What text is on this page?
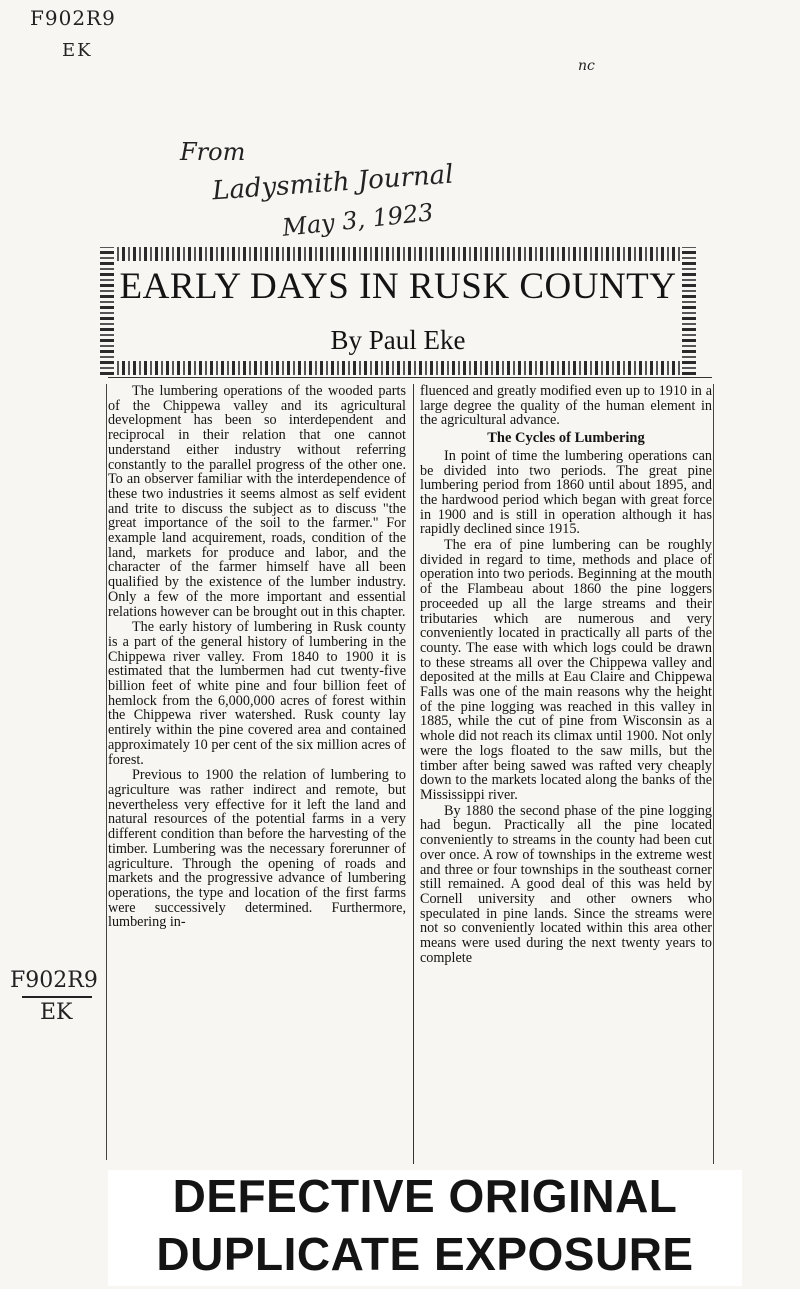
F902R9
EK
nc
From
Ladysmith Journal
May 3, 1923
F902R9
EK
EARLY DAYS IN RUSK COUNTY
By Paul Eke

The lumbering operations of the wooded parts of the Chippewa valley and its agricultural development has been so interdependent and reciprocal in their relation that one cannot understand either industry without referring constantly to the parallel progress of the other one. To an observer familiar with the interdependence of these two industries it seems almost as self evident and trite to discuss the subject as to discuss "the great importance of the soil to the farmer." For example land acquirement, roads, condition of the land, markets for produce and labor, and the character of the farmer himself have all been qualified by the existence of the lumber industry. Only a few of the more important and essential relations however can be brought out in this chapter.

The early history of lumbering in Rusk county is a part of the general history of lumbering in the Chippewa river valley. From 1840 to 1900 it is estimated that the lumbermen had cut twenty-five billion feet of white pine and four billion feet of hemlock from the 6,000,000 acres of forest within the Chippewa river watershed. Rusk county lay entirely within the pine covered area and contained approximately 10 per cent of the six million acres of forest.

Previous to 1900 the relation of lumbering to agriculture was rather indirect and remote, but nevertheless very effective for it left the land and natural resources of the potential farms in a very different condition than before the harvesting of the timber. Lumbering was the necessary forerunner of agriculture. Through the opening of roads and markets and the progressive advance of lumbering operations, the type and location of the first farms were successively determined. Furthermore, lumbering in-

fluenced and greatly modified even up to 1910 in a large degree the quality of the human element in the agricultural advance.

The Cycles of Lumbering

In point of time the lumbering operations can be divided into two periods. The great pine lumbering period from 1860 until about 1895, and the hardwood period which began with great force in 1900 and is still in operation although it has rapidly declined since 1915.

The era of pine lumbering can be roughly divided in regard to time, methods and place of operation into two periods. Beginning at the mouth of the Flambeau about 1860 the pine loggers proceeded up all the large streams and their tributaries which are numerous and very conveniently located in practically all parts of the county. The ease with which logs could be drawn to these streams all over the Chippewa valley and deposited at the mills at Eau Claire and Chippewa Falls was one of the main reasons why the height of the pine logging was reached in this valley in 1885, while the cut of pine from Wisconsin as a whole did not reach its climax until 1900. Not only were the logs floated to the saw mills, but the timber after being sawed was rafted very cheaply down to the markets located along the banks of the Mississippi river.

By 1880 the second phase of the pine logging had begun. Practically all the pine located conveniently to streams in the county had been cut over once. A row of townships in the extreme west and three or four townships in the southeast corner still remained. A good deal of this was held by Cornell university and other owners who speculated in pine lands. Since the streams were not so conveniently located within this area other means were used during the next twenty years to complete

DEFECTIVE ORIGINAL
DUPLICATE EXPOSURE
